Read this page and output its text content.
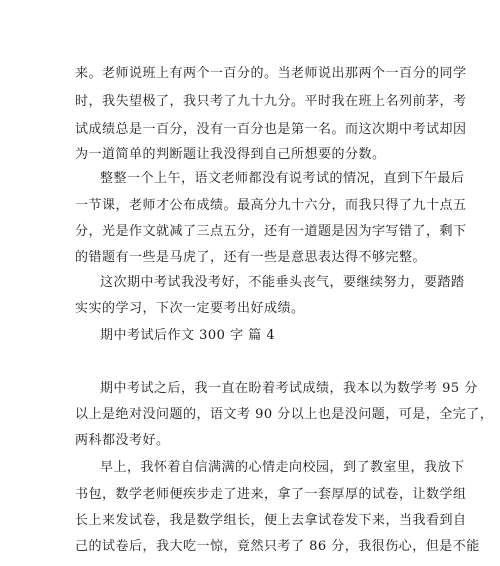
来。老师说班上有两个一百分的。当老师说出那两个一百分的同学
时，我失望极了，我只考了九十九分。平时我在班上名列前茅，考
试成绩总是一百分，没有一百分也是第一名。而这次期中考试却因
为一道简单的判断题让我没得到自己所想要的分数。
整整一个上午，语文老师都没有说考试的情况，直到下午最后
一节课，老师才公布成绩。最高分九十六分，而我只得了九十点五
分，光是作文就减了三点五分，还有一道题是因为字写错了，剩下
的错题有一些是马虎了，还有一些是意思表达得不够完整。
这次期中考试我没考好，不能垂头丧气，要继续努力，要踏踏
实实的学习，下次一定要考出好成绩。
期中考试后作文 300 字 篇 4
期中考试之后，我一直在盼着考试成绩，我本以为数学考 95 分
以上是绝对没问题的，语文考 90 分以上也是没问题，可是，全完了，
两科都没考好。
早上，我怀着自信满满的心情走向校园，到了教室里，我放下
书包，数学老师便疾步走了进来，拿了一套厚厚的试卷，让数学组
长上来发试卷，我是数学组长，便上去拿试卷发下来，当我看到自
己的试卷后，我大吃一惊，竟然只考了 86 分，我很伤心，但是不能
